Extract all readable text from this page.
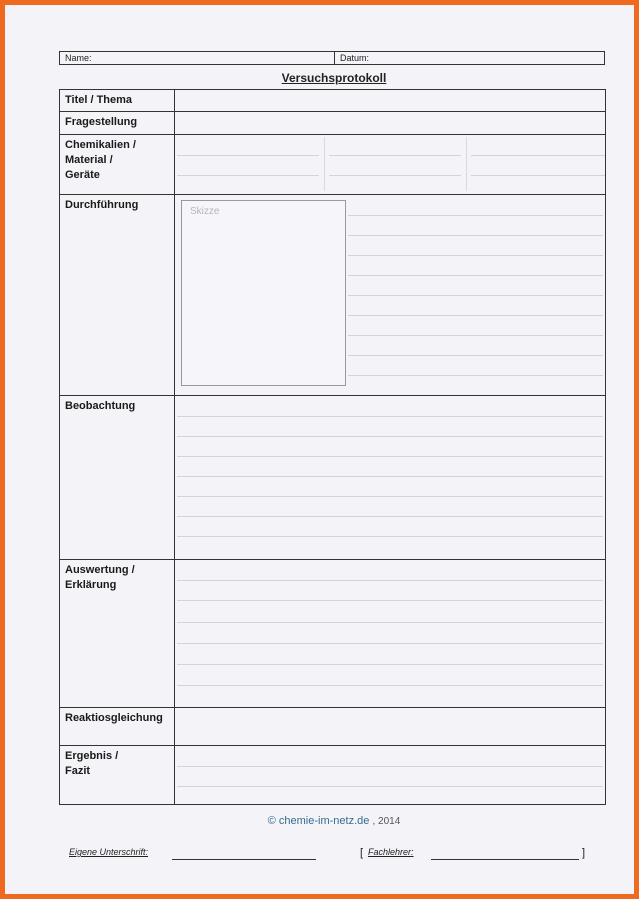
Name:	Datum:
Versuchsprotokoll
Titel / Thema
Fragestellung
Chemikalien /
Material /
Geräte
Durchführung
Skizze
Beobachtung
Auswertung /
Erklärung
Reaktiosgleichung
Ergebnis /
Fazit
© chemie-im-netz.de , 2014
Eigene Unterschrift:	[ Fachlehrer:	]
